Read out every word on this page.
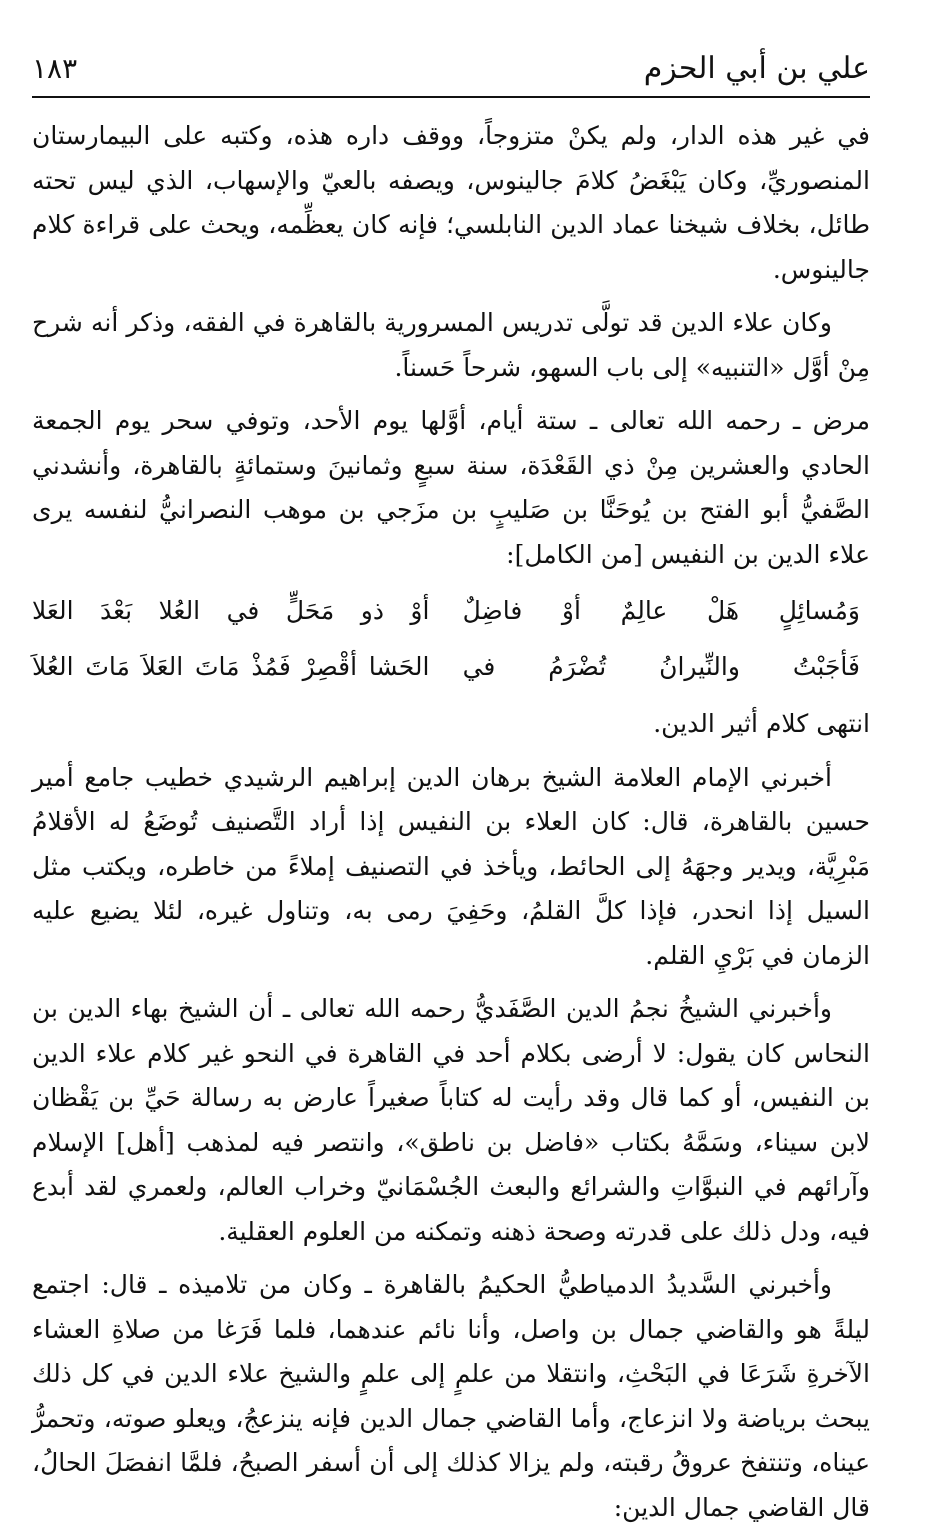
علي بن أبي الحزم
١٨٣

في غير هذه الدار، ولم يكنْ متزوجاً، ووقف داره هذه، وكتبه على البيمارستان المنصوريِّ، وكان يَبْغَضُ كلامَ جالينوس، ويصفه بالعيّ والإسهاب، الذي ليس تحته طائل، بخلاف شيخنا عماد الدين النابلسي؛ فإنه كان يعظِّمه، ويحث على قراءة كلام جالينوس.

وكان علاء الدين قد تولَّى تدريس المسرورية بالقاهرة في الفقه، وذكر أنه شرح مِنْ أوَّل «التنبيه» إلى باب السهو، شرحاً حَسناً.

مرض ـ رحمه الله تعالى ـ ستة أيام، أوَّلها يوم الأحد، وتوفي سحر يوم الجمعة الحادي والعشرين مِنْ ذي القَعْدَة، سنة سبعٍ وثمانينَ وستمائةٍ بالقاهرة، وأنشدني الصَّفيُّ أبو الفتح بن يُوحَنَّا بن صَليبٍ بن مزَجي بن موهب النصرانيُّ لنفسه يرى علاء الدين بن النفيس [من الكامل]:

وَمُسائِلٍ هَلْ عالِمٌ أوْ فاضِلٌ
أوْ ذو مَحَلٍّ في العُلا بَعْدَ العَلا
فَأجَبْتُ والنِّيرانُ تُضْرَمُ في
الحَشا أقْصِرْ فَمُذْ مَاتَ العَلاَ مَاتَ العُلاَ

انتهى كلام أثير الدين.

أخبرني الإمام العلامة الشيخ برهان الدين إبراهيم الرشيدي خطيب جامع أمير حسين بالقاهرة، قال: كان العلاء بن النفيس إذا أراد التَّصنيف تُوضَعُ له الأقلامُ مَبْرِيَّة، ويدير وجهَهُ إلى الحائط، ويأخذ في التصنيف إملاءً من خاطره، ويكتب مثل السيل إذا انحدر، فإذا كلَّ القلمُ، وحَفِيَ رمى به، وتناول غيره، لئلا يضيع عليه الزمان في بَرْيِ القلم.

وأخبرني الشيخُ نجمُ الدين الصَّفَديُّ رحمه الله تعالى ـ أن الشيخ بهاء الدين بن النحاس كان يقول: لا أرضى بكلام أحد في القاهرة في النحو غير كلام علاء الدين بن النفيس، أو كما قال وقد رأيت له كتاباً صغيراً عارض به رسالة حَيِّ بن يَقْظان لابن سيناء، وسَمَّهُ بكتاب «فاضل بن ناطق»، وانتصر فيه لمذهب [أهل] الإسلام وآرائهم في النبوَّاتِ والشرائع والبعث الجُسْمَانيّ وخراب العالم، ولعمري لقد أبدع فيه، ودل ذلك على قدرته وصحة ذهنه وتمكنه من العلوم العقلية.

وأخبرني السَّديدُ الدمياطيُّ الحكيمُ بالقاهرة ـ وكان من تلاميذه ـ قال: اجتمع ليلةً هو والقاضي جمال بن واصل، وأنا نائم عندهما، فلما فَرَغا من صلاةِ العشاء الآخرةِ شَرَعَا في البَحْثِ، وانتقلا من علمٍ إلى علمٍ والشيخ علاء الدين في كل ذلك يبحث برياضة ولا انزعاج، وأما القاضي جمال الدين فإنه ينزعجُ، ويعلو صوته، وتحمرُّ عيناه، وتنتفخ عروقُ رقبته، ولم يزالا كذلك إلى أن أسفر الصبحُ، فلمَّا انفصَلَ الحالُ، قال القاضي جمال الدين:
